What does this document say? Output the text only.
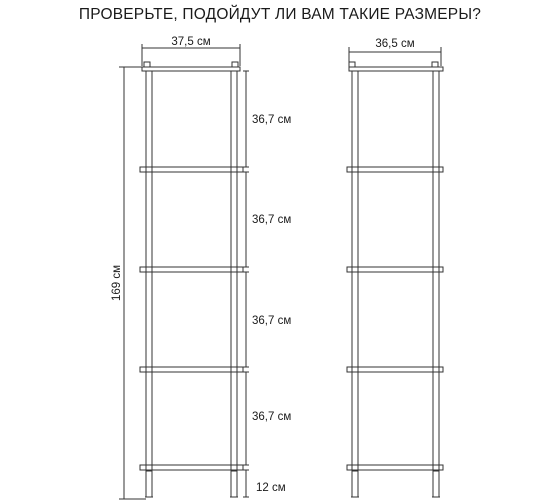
ПРОВЕРЬТЕ, ПОДОЙДУТ ЛИ ВАМ ТАКИЕ РАЗМЕРЫ?
37,5 см
169 см
36,7 см
36,7 см
36,7 см
36,7 см
12 см
36,5 см
